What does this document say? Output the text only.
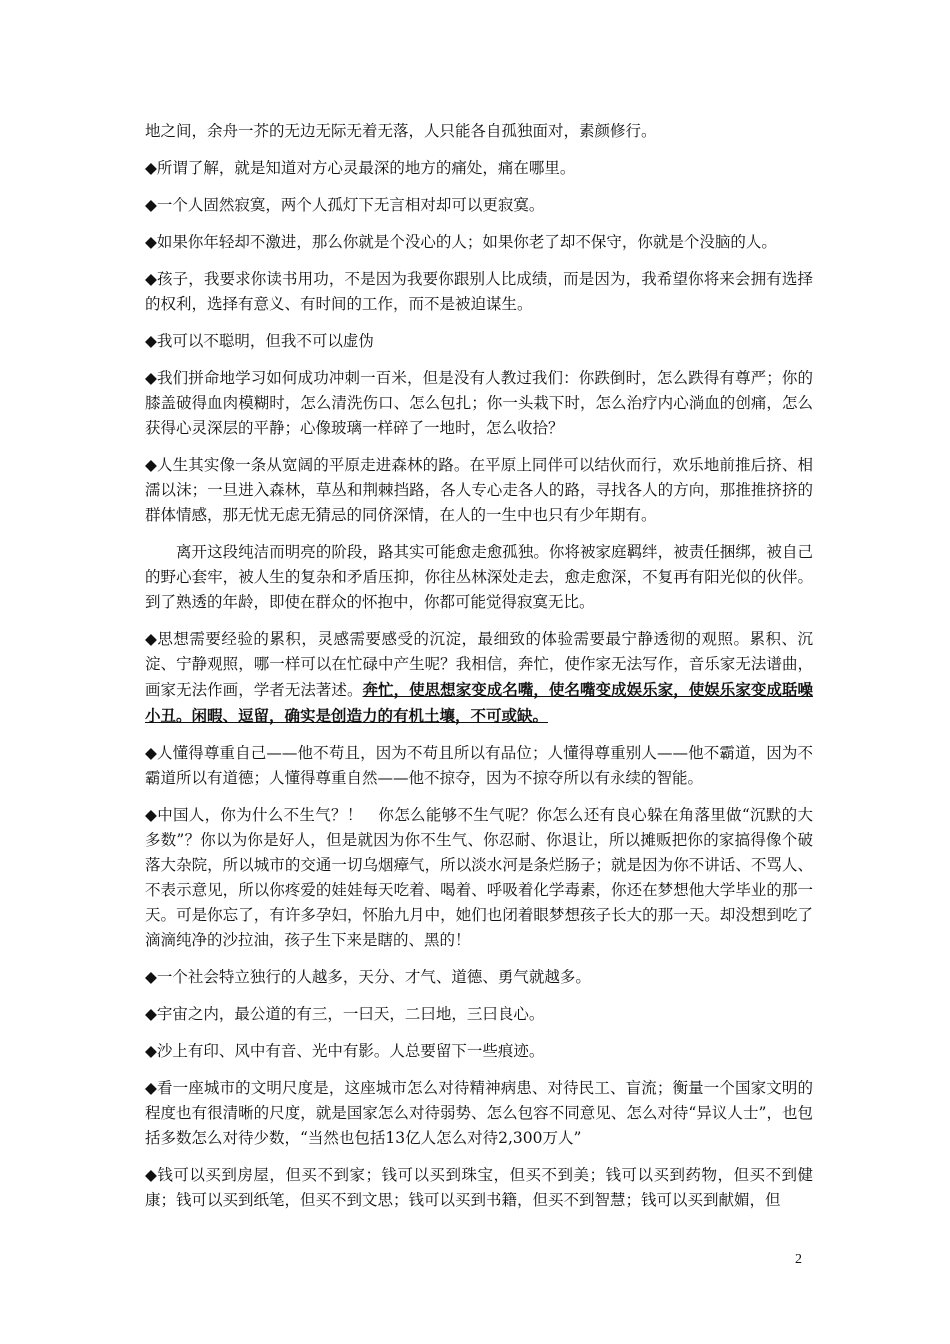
地之间，余舟一芥的无边无际无着无落，人只能各自孤独面对，素颜修行。

◆所谓了解，就是知道对方心灵最深的地方的痛处，痛在哪里。

◆一个人固然寂寞，两个人孤灯下无言相对却可以更寂寞。

◆如果你年轻却不激进，那么你就是个没心的人；如果你老了却不保守，你就是个没脑的人。

◆孩子，我要求你读书用功，不是因为我要你跟别人比成绩，而是因为，我希望你将来会拥有选择的权利，选择有意义、有时间的工作，而不是被迫谋生。

◆我可以不聪明，但我不可以虚伪

◆我们拼命地学习如何成功冲刺一百米，但是没有人教过我们：你跌倒时，怎么跌得有尊严；你的膝盖破得血肉模糊时，怎么清洗伤口、怎么包扎；你一头栽下时，怎么治疗内心淌血的创痛，怎么获得心灵深层的平静；心像玻璃一样碎了一地时，怎么收拾？

◆人生其实像一条从宽阔的平原走进森林的路。在平原上同伴可以结伙而行，欢乐地前推后挤、相濡以沫；一旦进入森林，草丛和荆棘挡路，各人专心走各人的路，寻找各人的方向，那推推挤挤的群体情感，那无忧无虑无猜忌的同侪深情，在人的一生中也只有少年期有。

离开这段纯洁而明亮的阶段，路其实可能愈走愈孤独。你将被家庭羁绊，被责任捆绑，被自己的野心套牢，被人生的复杂和矛盾压抑，你往丛林深处走去，愈走愈深，不复再有阳光似的伙伴。到了熟透的年龄，即使在群众的怀抱中，你都可能觉得寂寞无比。

◆思想需要经验的累积，灵感需要感受的沉淀，最细致的体验需要最宁静透彻的观照。累积、沉淀、宁静观照，哪一样可以在忙碌中产生呢？我相信，奔忙，使作家无法写作，音乐家无法谱曲，画家无法作画，学者无法著述。奔忙，使思想家变成名嘴，使名嘴变成娱乐家，使娱乐家变成聒噪小丑。闲暇、逗留，确实是创造力的有机土壤，不可或缺。

◆人懂得尊重自己——他不苟且，因为不苟且所以有品位；人懂得尊重别人——他不霸道，因为不霸道所以有道德；人懂得尊重自然——他不掠夺，因为不掠夺所以有永续的智能。

◆中国人，你为什么不生气？！　你怎么能够不生气呢？你怎么还有良心躲在角落里做“沉默的大多数”？你以为你是好人，但是就因为你不生气、你忍耐、你退让，所以摊贩把你的家搞得像个破落大杂院，所以城市的交通一切乌烟瘴气，所以淡水河是条烂肠子；就是因为你不讲话、不骂人、不表示意见，所以你疼爱的娃娃每天吃着、喝着、呼吸着化学毒素，你还在梦想他大学毕业的那一天。可是你忘了，有许多孕妇，怀胎九月中，她们也闭着眼梦想孩子长大的那一天。却没想到吃了滴滴纯净的沙拉油，孩子生下来是瞎的、黑的！

◆一个社会特立独行的人越多，天分、才气、道德、勇气就越多。

◆宇宙之内，最公道的有三，一曰天，二曰地，三曰良心。

◆沙上有印、风中有音、光中有影。人总要留下一些痕迹。

◆看一座城市的文明尺度是，这座城市怎么对待精神病患、对待民工、盲流；衡量一个国家文明的程度也有很清晰的尺度，就是国家怎么对待弱势、怎么包容不同意见、怎么对待“异议人士”，也包括多数怎么对待少数，“当然也包括13亿人怎么对待2,300万人”

◆钱可以买到房屋，但买不到家；钱可以买到珠宝，但买不到美；钱可以买到药物，但买不到健康；钱可以买到纸笔，但买不到文思；钱可以买到书籍，但买不到智慧；钱可以买到献媚，但

2
